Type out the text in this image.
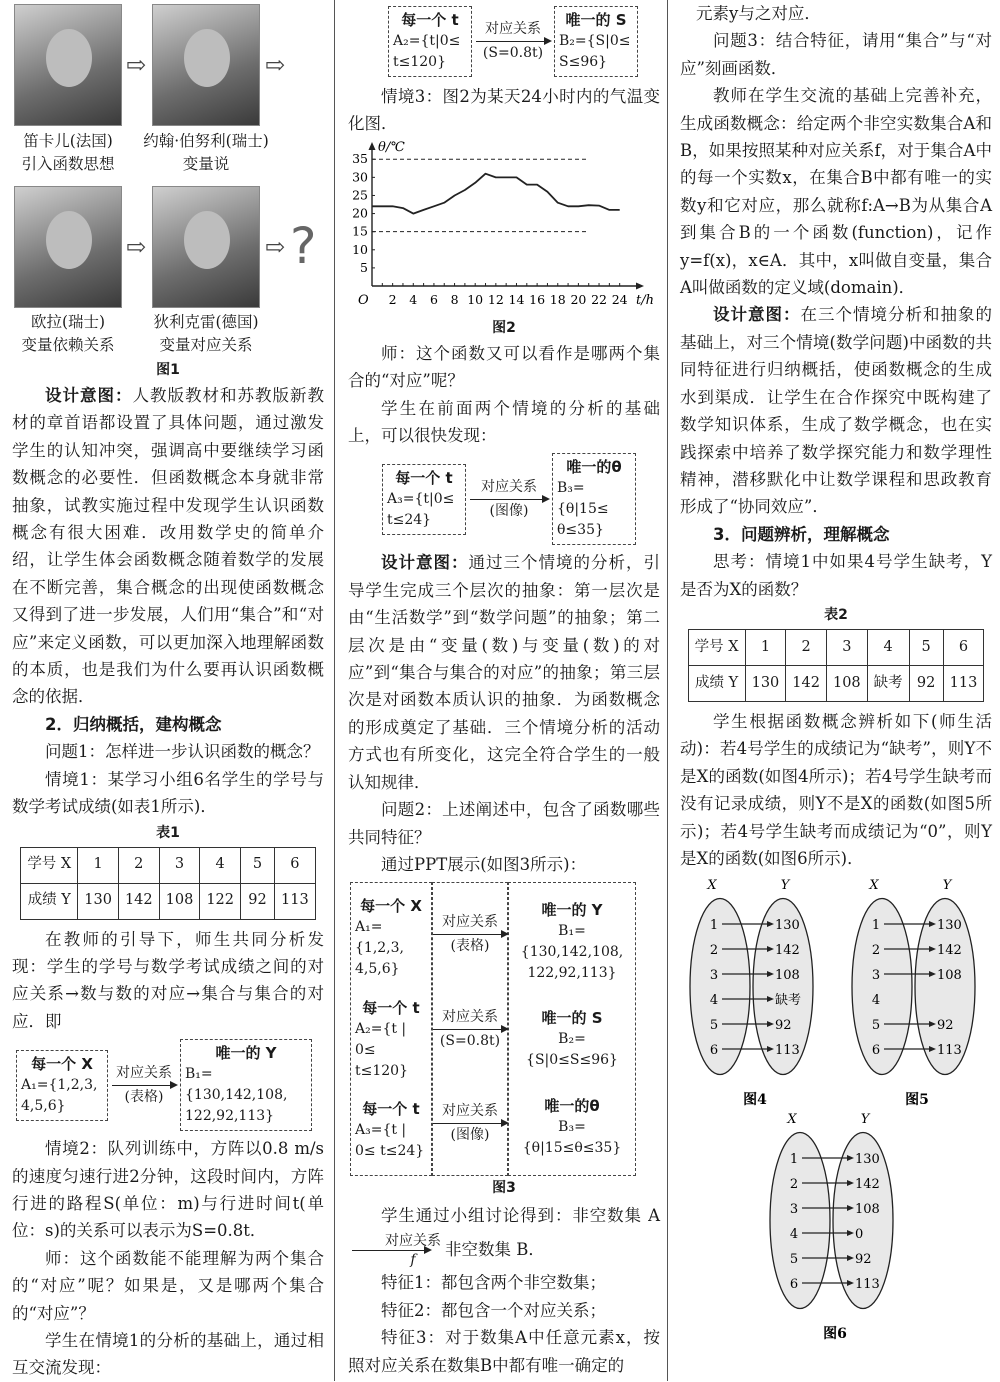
⇨	⇨
笛卡儿(法国)
引入函数思想
约翰·伯努利(瑞士)
变量说
⇨	⇨ ?
欧拉(瑞士)
变量依赖关系
狄利克雷(德国)
变量对应关系
图1

设计意图：人教版教材和苏教版新教材的章首语都设置了具体问题，通过激发学生的认知冲突，强调高中要继续学习函数概念的必要性．但函数概念本身就非常抽象，试教实施过程中发现学生认识函数概念有很大困难．改用数学史的简单介绍，让学生体会函数概念随着数学的发展在不断完善，集合概念的出现使函数概念又得到了进一步发展，人们用“集合”和“对应”来定义函数，可以更加深入地理解函数的本质，也是我们为什么要再认识函数概念的依据．

2．归纳概括，建构概念

问题1：怎样进一步认识函数的概念？

情境1：某学习小组6名学生的学号与数学考试成绩(如表1所示)．

表1
学号 X	1	2	3	4	5	6
成绩 Y	130	142	108	122	92	113

在教师的引导下，师生共同分析发现：学生的学号与数学考试成绩之间的对应关系→数与数的对应→集合与集合的对应．即

每一个 X
A₁={1,2,3, 4,5,6}
对应关系
(表格)
唯一的 Y
B₁={130,142,108, 122,92,113}

情境2：队列训练中，方阵以0.8 m/s的速度匀速行进2分钟，这段时间内，方阵行进的路程S(单位：m)与行进时间t(单位：s)的关系可以表示为S=0.8t．

师：这个函数能不能理解为两个集合的“对应”呢？如果是，又是哪两个集合的“对应”？

学生在情境1的分析的基础上，通过相互交流发现：

每一个 t
A₂={t|0≤ t≤120}
对应关系
(S=0.8t)
唯一的 S
B₂={S|0≤ S≤96}

情境3：图2为某天24小时内的气温变化图．

θ/℃
t/h
O 2 4 6 8 10 12 14 16 18 20 22 24
5
10
15
20
25
30
35
图2

师：这个函数又可以看作是哪两个集合的“对应”呢？

学生在前面两个情境的分析的基础上，可以很快发现：

每一个 t
A₃={t|0≤ t≤24}
对应关系
(图像)
唯一的θ
B₃={θ|15≤ θ≤35}

设计意图：通过三个情境的分析，引导学生完成三个层次的抽象：第一层次是由“生活数学”到“数学问题”的抽象；第二层次是由“变量(数)与变量(数)的对应”到“集合与集合的对应”的抽象；第三层次是对函数本质认识的抽象．为函数概念的形成奠定了基础．三个情境分析的活动方式也有所变化，这完全符合学生的一般认知规律．

问题2：上述阐述中，包含了函数哪些共同特征？

通过PPT展示(如图3所示)：

每一个 X
A₁={1,2,3, 4,5,6}
每一个 t
A₂={t | 0≤ t≤120}
每一个 t
A₃={t | 0≤ t≤24}
对应关系
(表格)
对应关系
(S=0.8t)
对应关系
(图像)
唯一的 Y
B₁={130,142,108, 122,92,113}
唯一的 S
B₂={S|0≤S≤96}
唯一的θ
B₃={θ|15≤θ≤35}
图3

学生通过小组讨论得到：非空数集 A
对应关系
f
非空数集 B．

特征1：都包含两个非空数集；

特征2：都包含一个对应关系；

特征3：对于数集A中任意元素x，按照对应关系在数集B中都有唯一确定的

元素y与之对应．

问题3：结合特征，请用“集合”与“对应”刻画函数．

教师在学生交流的基础上完善补充，生成函数概念：给定两个非空实数集合A和B，如果按照某种对应关系f，对于集合A中的每一个实数x，在集合B中都有唯一的实数y和它对应，那么就称f:A→B为从集合A到集合B的一个函数(function)，记作y=f(x)，x∈A．其中，x叫做自变量，集合A叫做函数的定义域(domain)．

设计意图：在三个情境分析和抽象的基础上，对三个情境(数学问题)中函数的共同特征进行归纳概括，使函数概念的生成水到渠成．让学生在合作探究中既构建了数学知识体系，生成了数学概念，也在实践探索中培养了数学探究能力和数学理性精神，潜移默化中让数学课程和思政教育形成了“协同效应”．

3．问题辨析，理解概念

思考：情境1中如果4号学生缺考，Y是否为X的函数？

表2
学号 X	1	2	3	4	5	6
成绩 Y	130	142	108	缺考	92	113

学生根据函数概念辨析如下(师生活动)：若4号学生的成绩记为“缺考”，则Y不是X的函数(如图4所示)；若4号学生缺考而没有记录成绩，则Y不是X的函数(如图5所示)；若4号学生缺考而成绩记为“0”，则Y是X的函数(如图6所示)．

X	Y
1
2
3
4
5
6
130
142
108
缺考
92
113
图4
X	Y
1
2
3
4
5
6
130
142
108
92
113
图5
X	Y
1
2
3
4
5
6
130
142
108
0
92
113
图6
